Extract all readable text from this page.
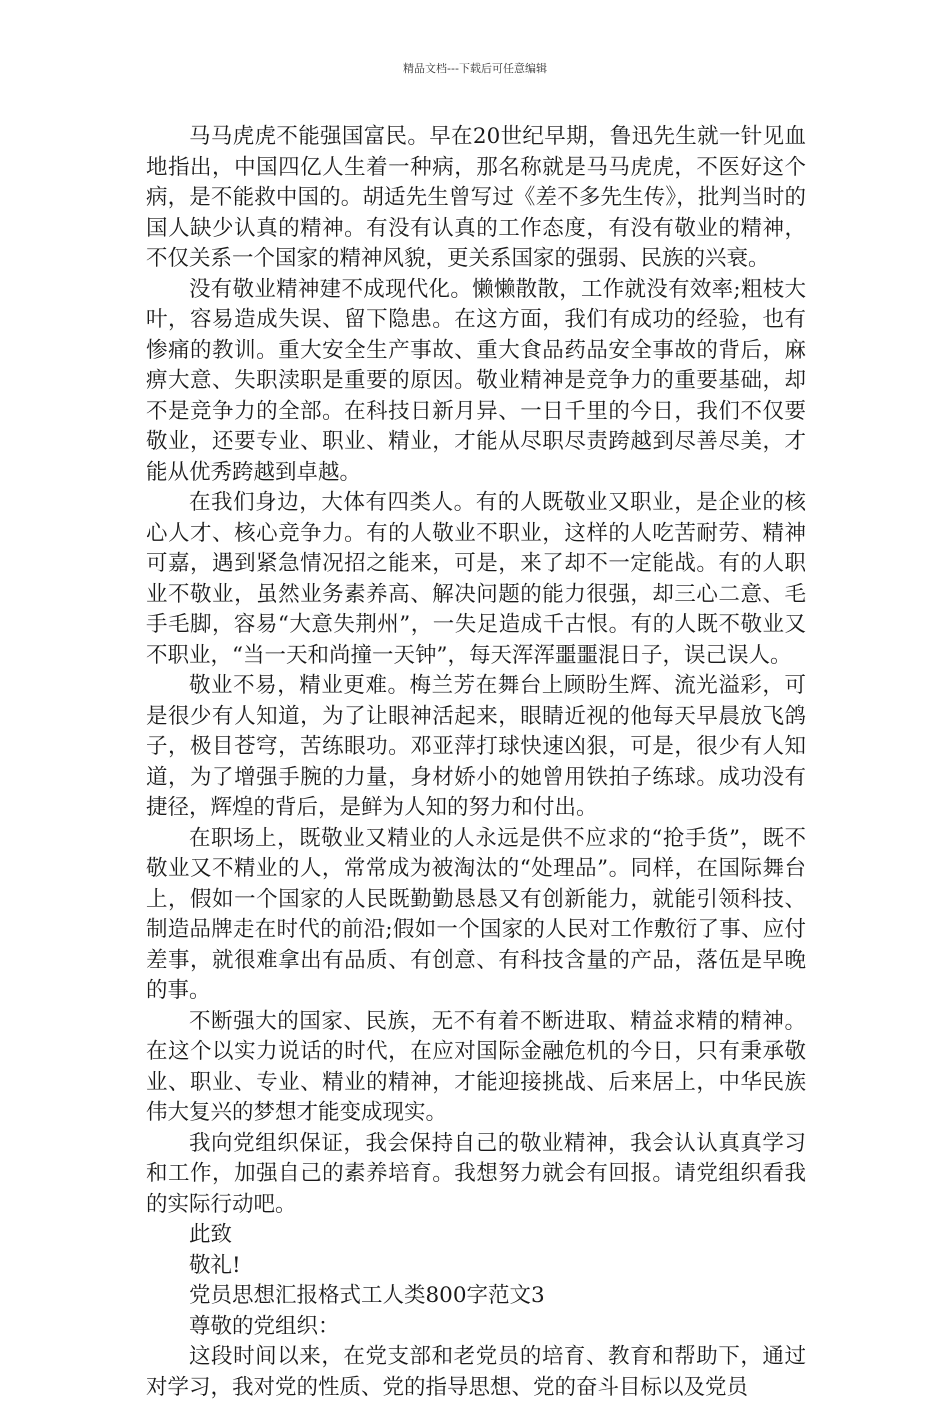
精品文档---下载后可任意编辑

马马虎虎不能强国富民。早在20世纪早期，鲁迅先生就一针见血地指出，中国四亿人生着一种病，那名称就是马马虎虎，不医好这个病，是不能救中国的。胡适先生曾写过《差不多先生传》，批判当时的国人缺少认真的精神。有没有认真的工作态度，有没有敬业的精神，不仅关系一个国家的精神风貌，更关系国家的强弱、民族的兴衰。

没有敬业精神建不成现代化。懒懒散散，工作就没有效率;粗枝大叶，容易造成失误、留下隐患。在这方面，我们有成功的经验，也有惨痛的教训。重大安全生产事故、重大食品药品安全事故的背后，麻痹大意、失职渎职是重要的原因。敬业精神是竞争力的重要基础，却不是竞争力的全部。在科技日新月异、一日千里的今日，我们不仅要敬业，还要专业、职业、精业，才能从尽职尽责跨越到尽善尽美，才能从优秀跨越到卓越。

在我们身边，大体有四类人。有的人既敬业又职业，是企业的核心人才、核心竞争力。有的人敬业不职业，这样的人吃苦耐劳、精神可嘉，遇到紧急情况招之能来，可是，来了却不一定能战。有的人职业不敬业，虽然业务素养高、解决问题的能力很强，却三心二意、毛手毛脚，容易“大意失荆州”，一失足造成千古恨。有的人既不敬业又不职业，“当一天和尚撞一天钟”，每天浑浑噩噩混日子，误己误人。

敬业不易，精业更难。梅兰芳在舞台上顾盼生辉、流光溢彩，可是很少有人知道，为了让眼神活起来，眼睛近视的他每天早晨放飞鸽子，极目苍穹，苦练眼功。邓亚萍打球快速凶狠，可是，很少有人知道，为了增强手腕的力量，身材娇小的她曾用铁拍子练球。成功没有捷径，辉煌的背后，是鲜为人知的努力和付出。

在职场上，既敬业又精业的人永远是供不应求的“抢手货”，既不敬业又不精业的人，常常成为被淘汰的“处理品”。同样，在国际舞台上，假如一个国家的人民既勤勤恳恳又有创新能力，就能引领科技、制造品牌走在时代的前沿;假如一个国家的人民对工作敷衍了事、应付差事，就很难拿出有品质、有创意、有科技含量的产品，落伍是早晚的事。

不断强大的国家、民族，无不有着不断进取、精益求精的精神。在这个以实力说话的时代，在应对国际金融危机的今日，只有秉承敬业、职业、专业、精业的精神，才能迎接挑战、后来居上，中华民族伟大复兴的梦想才能变成现实。

我向党组织保证，我会保持自己的敬业精神，我会认认真真学习和工作，加强自己的素养培育。我想努力就会有回报。请党组织看我的实际行动吧。

此致

敬礼!

党员思想汇报格式工人类800字范文3

尊敬的党组织：

这段时间以来，在党支部和老党员的培育、教育和帮助下，通过对学习，我对党的性质、党的指导思想、党的奋斗目标以及党员
